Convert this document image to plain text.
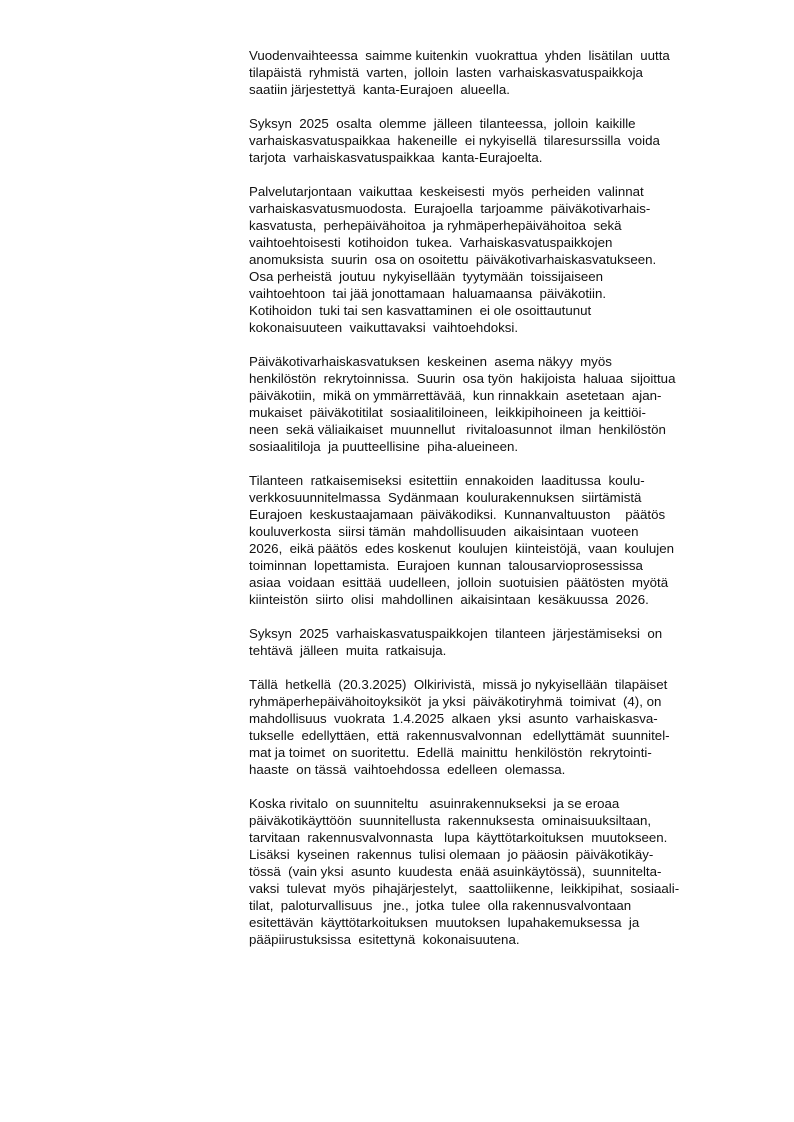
Vuodenvaihteessa  saimme kuitenkin  vuokrattua  yhden  lisätilan  uutta
tilapäistä  ryhmistä  varten,  jolloin  lasten  varhaiskasvatuspaikkoja
saatiin järjestettyä  kanta-Eurajoen  alueella.

Syksyn  2025  osalta  olemme  jälleen  tilanteessa,  jolloin  kaikille
varhaiskasvatuspaikkaa  hakeneille  ei nykyisellä  tilaresurssilla  voida
tarjota  varhaiskasvatuspaikkaa  kanta-Eurajoelta.

Palvelutarjontaan  vaikuttaa  keskeisesti  myös  perheiden  valinnat
varhaiskasvatusmuodosta.  Eurajoella  tarjoamme  päiväkotivarhais-
kasvatusta,  perhepäivähoitoa  ja ryhmäperhepäivähoitoa  sekä
vaihtoehtoisesti  kotihoidon  tukea.  Varhaiskasvatuspaikkojen
anomuksista  suurin  osa on osoitettu  päiväkotivarhaiskasvatukseen.
Osa perheistä  joutuu  nykyisellään  tyytymään  toissijaiseen
vaihtoehtoon  tai jää jonottamaan  haluamaansa  päiväkotiin.
Kotihoidon  tuki tai sen kasvattaminen  ei ole osoittautunut
kokonaisuuteen  vaikuttavaksi  vaihtoehdoksi.

Päiväkotivarhaiskasvatuksen  keskeinen  asema näkyy  myös
henkilöstön  rekrytoinnissa.  Suurin  osa työn  hakijoista  haluaa  sijoittua
päiväkotiin,  mikä on ymmärrettävää,  kun rinnakkain  asetetaan  ajan-
mukaiset  päiväkotitilat  sosiaalitiloineen,  leikkipihoineen  ja keittiöi-
neen  sekä väliaikaiset  muunnellut   rivitaloasunnot  ilman  henkilöstön
sosiaalitiloja  ja puutteellisine  piha-alueineen.

Tilanteen  ratkaisemiseksi  esitettiin  ennakoiden  laaditussa  koulu-
verkkosuunnitelmassa  Sydänmaan  koulurakennuksen  siirtämistä
Eurajoen  keskustaajamaan  päiväkodiksi.  Kunnanvaltuuston    päätös
kouluverkosta  siirsi tämän  mahdollisuuden  aikaisintaan  vuoteen
2026,  eikä päätös  edes koskenut  koulujen  kiinteistöjä,  vaan  koulujen
toiminnan  lopettamista.  Eurajoen  kunnan  talousarvioprosessissa
asiaa  voidaan  esittää  uudelleen,  jolloin  suotuisien  päätösten  myötä
kiinteistön  siirto  olisi  mahdollinen  aikaisintaan  kesäkuussa  2026.

Syksyn  2025  varhaiskasvatuspaikkojen  tilanteen  järjestämiseksi  on
tehtävä  jälleen  muita  ratkaisuja.

Tällä  hetkellä  (20.3.2025)  Olkirivistä,  missä jo nykyisellään  tilapäiset
ryhmäperhepäivähoitoyksiköt  ja yksi  päiväkotiryhmä  toimivat  (4), on
mahdollisuus  vuokrata  1.4.2025  alkaen  yksi  asunto  varhaiskasva-
tukselle  edellyttäen,  että  rakennusvalvonnan   edellyttämät  suunnitel-
mat ja toimet  on suoritettu.  Edellä  mainittu  henkilöstön  rekrytointi-
haaste  on tässä  vaihtoehdossa  edelleen  olemassa.

Koska rivitalo  on suunniteltu   asuinrakennukseksi  ja se eroaa
päiväkotikäyttöön  suunnitellusta  rakennuksesta  ominaisuuksiltaan,
tarvitaan  rakennusvalvonnasta   lupa  käyttötarkoituksen  muutokseen.
Lisäksi  kyseinen  rakennus  tulisi olemaan  jo pääosin  päiväkotikäy-
tössä  (vain yksi  asunto  kuudesta  enää asuinkäytössä),  suunnitelta-
vaksi  tulevat  myös  pihajärjestelyt,   saattoliikenne,  leikkipihat,  sosiaali-
tilat,  paloturvallisuus   jne.,  jotka  tulee  olla rakennusvalvontaan
esitettävän  käyttötarkoituksen  muutoksen  lupahakemuksessa  ja
pääpiirustuksissa  esitettynä  kokonaisuutena.
